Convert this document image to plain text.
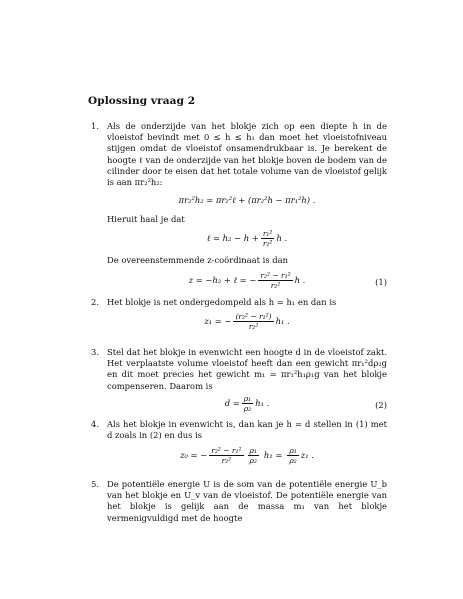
Oplossing vraag 2
1. Als de onderzijde van het blokje zich op een diepte h in de vloeistof bevindt met 0 ≤ h ≤ h₁ dan moet het vloeistofniveau stijgen omdat de vloeistof onsamendrukbaar is. Je berekent de hoogte ℓ van de onderzijde van het blokje boven de bodem van de cilinder door te eisen dat het totale volume van de vloeistof gelijk is aan πr₂²h₂:

πr₂²h₂ = πr₂²ℓ + (πr₂²h − πr₁²h) .

Hieruit haal je dat

ℓ = $h_2 - h + \frac{\text{r₁²}}{\text{r₂²}}$ h .

De overeenstemmende z-coördinaat is dan

z = −h₂ + ℓ = − $\frac{\text{r₂² − r₁²}}{\text{r₂²}}$ h .	(1)
2. Het blokje is net ondergedompeld als h = h₁ en dan is

z₁ = − $\frac{\text{(r₂² − r₁²)}}{\text{r₂²}} h_1$ .
3. Stel dat het blokje in evenwicht een hoogte d in de vloeistof zakt. Het verplaatste volume vloeistof heeft dan een gewicht πr₁²dρ₂g en dit moet precies het gewicht m₁ = πr₁²h₁ρ₁g van het blokje compenseren. Daarom is

$d = \frac{\text{ρ₁}}{\text{ρ₂}} h_1$ .	(2)
4. Als het blokje in evenwicht is, dan kan je h = d stellen in (1) met d zoals in (2) en dus is

z₀ = − $\frac{\text{r₂² − r₁²}}{\text{r₂²}} \frac{\text{ρ₁}}{\text{ρ₂}} h_1 = \frac{\text{ρ₁}}{\text{ρ₂}} z_1$ .
5. De potentiële energie U is de som van de potentiële energie U_b van het blokje en U_v van de vloeistof. De potentiële energie van het blokje is gelijk aan de massa m₁ van het blokje vermenigvuldigd met de hoogte
